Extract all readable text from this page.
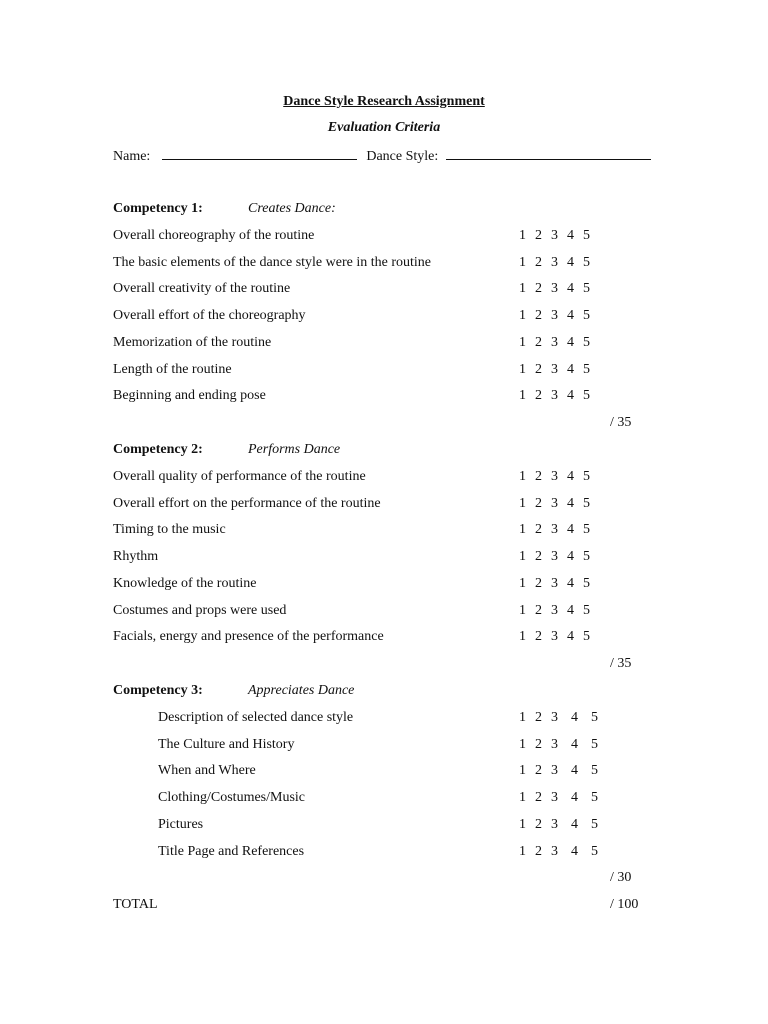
Dance Style Research Assignment
Evaluation Criteria
Name:	Dance Style:
Competency 1:	Creates Dance:
Overall choreography of the routine	1 2 3 4 5
The basic elements of the dance style were in the routine	1 2 3 4 5
Overall creativity of the routine	1 2 3 4 5
Overall effort of the choreography	1 2 3 4 5
Memorization of the routine	1 2 3 4 5
Length of the routine	1 2 3 4 5
Beginning and ending pose	1 2 3 4 5
/ 35
Competency 2:	Performs Dance
Overall quality of performance of the routine	1 2 3 4 5
Overall effort on the performance of the routine	1 2 3 4 5
Timing to the music	1 2 3 4 5
Rhythm	1 2 3 4 5
Knowledge of the routine	1 2 3 4 5
Costumes and props were used	1 2 3 4 5
Facials, energy and presence of the performance	1 2 3 4 5
/ 35
Competency 3:	Appreciates Dance
Description of selected dance style	1 2 3 4 5
The Culture and History	1 2 3 4 5
When and Where	1 2 3 4 5
Clothing/Costumes/Music	1 2 3 4 5
Pictures	1 2 3 4 5
Title Page and References	1 2 3 4 5
/ 30
TOTAL	/ 100
